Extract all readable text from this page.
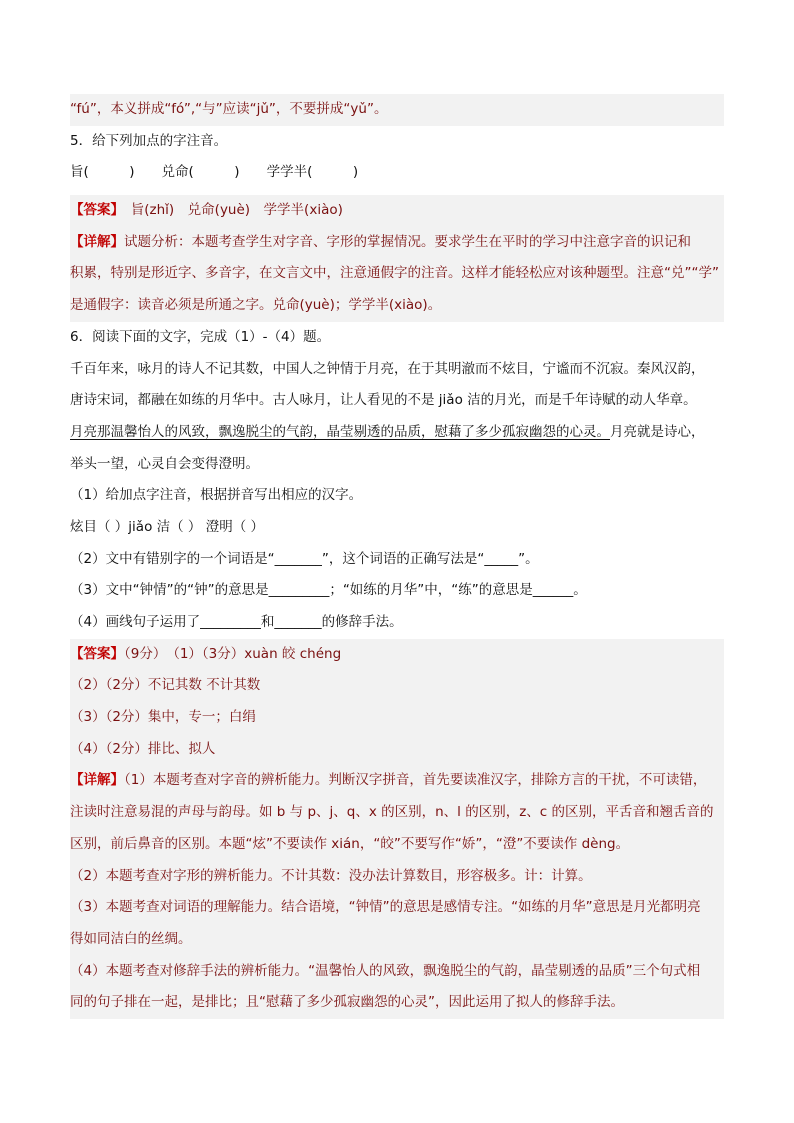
“fú”，本义拼成“fó”,“与”应读“jǔ”，不要拼成“yǔ”。
5．给下列加点的字注音。
旨(　　　)　　兑命(　　　)　　学学半(　　　)
【答案】　旨(zhǐ)　兑命(yuè)　学学半(xiào)
【详解】试题分析：本题考查学生对字音、字形的掌握情况。要求学生在平时的学习中注意字音的识记和
积累，特别是形近字、多音字，在文言文中，注意通假字的注音。这样才能轻松应对该种题型。注意“兑”“学”
是通假字：读音必须是所通之字。兑命(yuè)；学学半(xiào)。
6．阅读下面的文字，完成（1）-（4）题。
千百年来，咏月的诗人不记其数，中国人之钟情于月亮，在于其明澈而不炫目，宁谧而不沉寂。秦风汉韵，
唐诗宋词，都融在如练的月华中。古人咏月，让人看见的不是 jiǎo 洁的月光，而是千年诗赋的动人华章。
月亮那温馨怡人的风致，飘逸脱尘的气韵，晶莹剔透的品质，慰藉了多少孤寂幽怨的心灵。月亮就是诗心，
举头一望，心灵自会变得澄明。
（1）给加点字注音，根据拼音写出相应的汉字。
炫目（ ）jiǎo 洁（ ） 澄明（ ）
（2）文中有错别字的一个词语是“_______”，这个词语的正确写法是“_____”。
（3）文中“钟情”的“钟”的意思是_________；“如练的月华”中，“练”的意思是______。
（4）画线句子运用了_________和_______的修辞手法。
【答案】（9分）　（1）（3分）xuàn 皎 chéng
（2）（2分）不记其数 不计其数
（3）（2分）集中，专一；白绢
（4）（2分）排比、拟人
【详解】（1）本题考查对字音的辨析能力。判断汉字拼音，首先要读准汉字，排除方言的干扰，不可读错，
注读时注意易混的声母与韵母。如 b 与 p、j、q、x 的区别，n、l 的区别，z、c 的区别，平舌音和翘舌音的
区别，前后鼻音的区别。本题“炫”不要读作 xián，“皎”不要写作“娇”，“澄”不要读作 dèng。
（2）本题考查对字形的辨析能力。不计其数：没办法计算数目，形容极多。计：计算。
（3）本题考查对词语的理解能力。结合语境，“钟情”的意思是感情专注。“如练的月华”意思是月光都明亮
得如同洁白的丝绸。
（4）本题考查对修辞手法的辨析能力。“温馨怡人的风致，飘逸脱尘的气韵，晶莹剔透的品质”三个句式相
同的句子排在一起，是排比；且“慰藉了多少孤寂幽怨的心灵”，因此运用了拟人的修辞手法。
